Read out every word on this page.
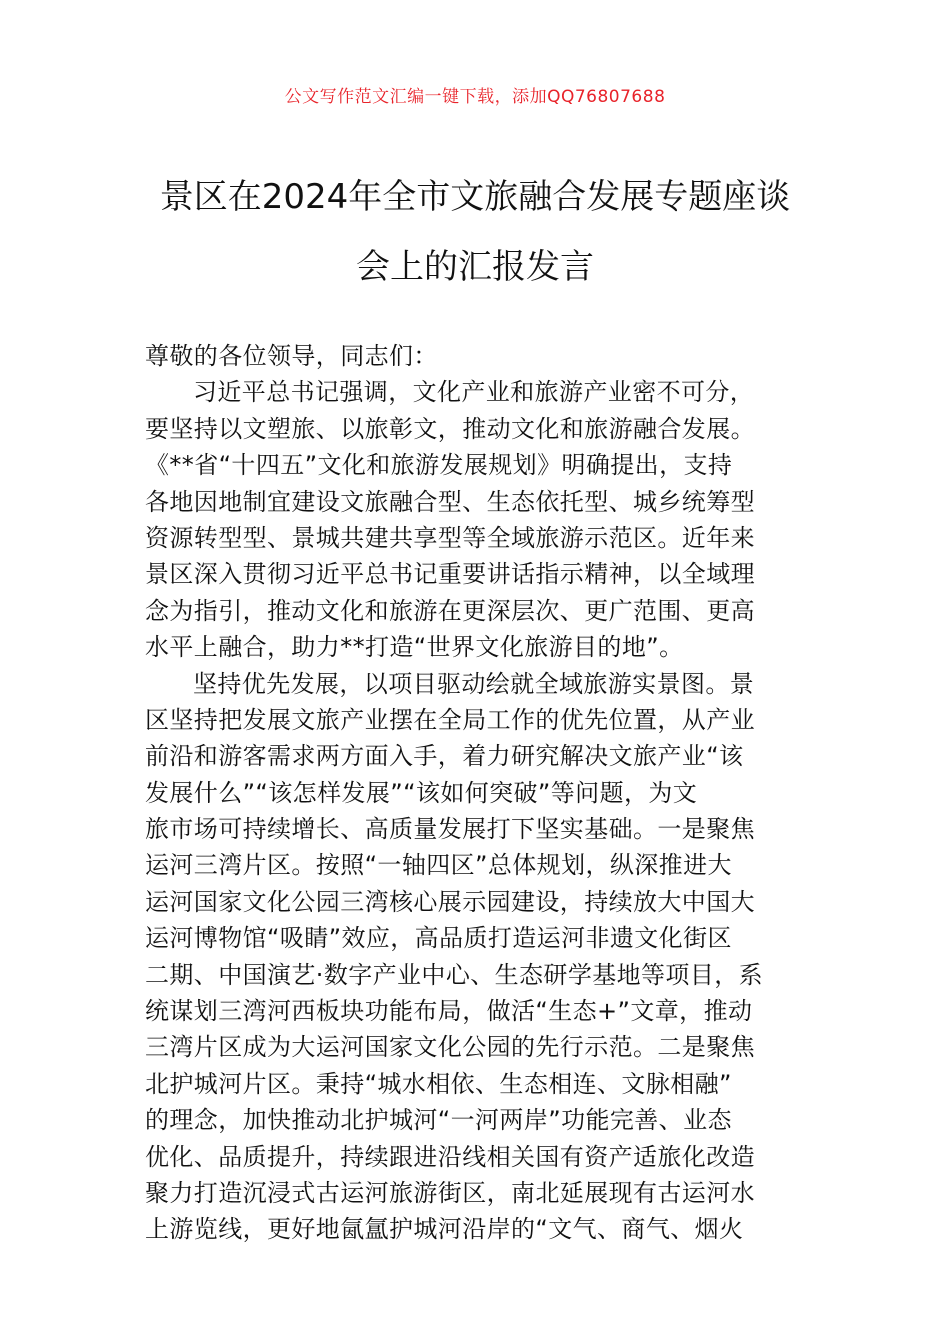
公文写作范文汇编一键下载，添加QQ76807688
景区在2024年全市文旅融合发展专题座谈
会上的汇报发言
尊敬的各位领导，同志们：
习近平总书记强调，文化产业和旅游产业密不可分，
要坚持以文塑旅、以旅彰文，推动文化和旅游融合发展。
《**省“十四五”文化和旅游发展规划》明确提出，支持
各地因地制宜建设文旅融合型、生态依托型、城乡统筹型
资源转型型、景城共建共享型等全域旅游示范区。近年来
景区深入贯彻习近平总书记重要讲话指示精神，以全域理
念为指引，推动文化和旅游在更深层次、更广范围、更高
水平上融合，助力**打造“世界文化旅游目的地”。
坚持优先发展，以项目驱动绘就全域旅游实景图。景
区坚持把发展文旅产业摆在全局工作的优先位置，从产业
前沿和游客需求两方面入手，着力研究解决文旅产业“该
发展什么”“该怎样发展”“该如何突破”等问题，为文
旅市场可持续增长、高质量发展打下坚实基础。一是聚焦
运河三湾片区。按照“一轴四区”总体规划，纵深推进大
运河国家文化公园三湾核心展示园建设，持续放大中国大
运河博物馆“吸睛”效应，高品质打造运河非遗文化街区
二期、中国演艺·数字产业中心、生态研学基地等项目，系
统谋划三湾河西板块功能布局，做活“生态+”文章，推动
三湾片区成为大运河国家文化公园的先行示范。二是聚焦
北护城河片区。秉持“城水相依、生态相连、文脉相融”
的理念，加快推动北护城河“一河两岸”功能完善、业态
优化、品质提升，持续跟进沿线相关国有资产适旅化改造
聚力打造沉浸式古运河旅游街区，南北延展现有古运河水
上游览线，更好地氤氲护城河沿岸的“文气、商气、烟火
